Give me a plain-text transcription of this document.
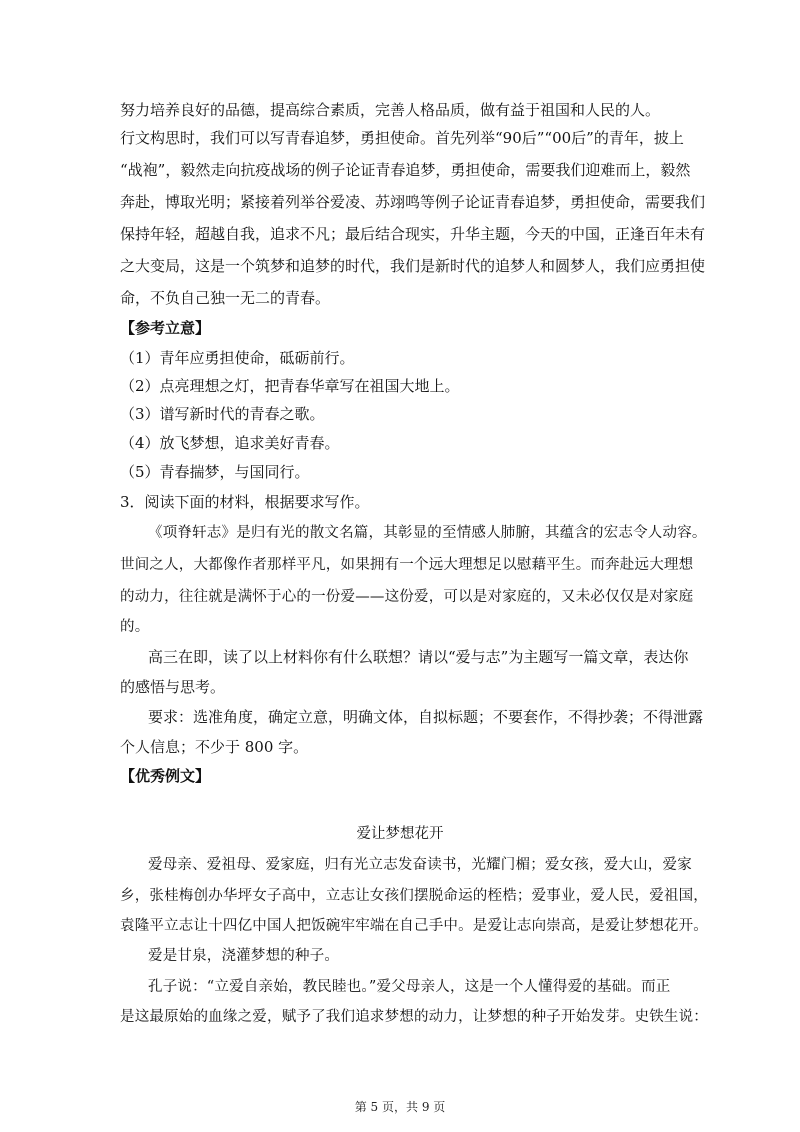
努力培养良好的品德，提高综合素质，完善人格品质，做有益于祖国和人民的人。
行文构思时，我们可以写青春追梦，勇担使命。首先列举“90后”“00后”的青年，披上
“战袍”，毅然走向抗疫战场的例子论证青春追梦，勇担使命，需要我们迎难而上，毅然
奔赴，博取光明；紧接着列举谷爱凌、苏翊鸣等例子论证青春追梦，勇担使命，需要我们
保持年轻，超越自我，追求不凡；最后结合现实，升华主题，今天的中国，正逢百年未有
之大变局，这是一个筑梦和追梦的时代，我们是新时代的追梦人和圆梦人，我们应勇担使
命，不负自己独一无二的青春。
【参考立意】
（1）青年应勇担使命，砥砺前行。
（2）点亮理想之灯，把青春华章写在祖国大地上。
（3）谱写新时代的青春之歌。
（4）放飞梦想，追求美好青春。
（5）青春揣梦，与国同行。
3．阅读下面的材料，根据要求写作。
《项脊轩志》是归有光的散文名篇，其彰显的至情感人肺腑，其蕴含的宏志令人动容。
世间之人，大都像作者那样平凡，如果拥有一个远大理想足以慰藉平生。而奔赴远大理想
的动力，往往就是满怀于心的一份爱——这份爱，可以是对家庭的，又未必仅仅是对家庭
的。
高三在即，读了以上材料你有什么联想？请以“爱与志”为主题写一篇文章，表达你
的感悟与思考。
要求：选准角度，确定立意，明确文体，自拟标题；不要套作，不得抄袭；不得泄露
个人信息；不少于 800 字。
【优秀例文】
爱让梦想花开
爱母亲、爱祖母、爱家庭，归有光立志发奋读书，光耀门楣；爱女孩，爱大山，爱家
乡，张桂梅创办华坪女子高中，立志让女孩们摆脱命运的桎梏；爱事业，爱人民，爱祖国，
袁隆平立志让十四亿中国人把饭碗牢牢端在自己手中。是爱让志向崇高，是爱让梦想花开。
爱是甘泉，浇灌梦想的种子。
孔子说：“立爱自亲始，教民睦也。”爱父母亲人，这是一个人懂得爱的基础。而正
是这最原始的血缘之爱，赋予了我们追求梦想的动力，让梦想的种子开始发芽。史铁生说：
第 5 页，共 9 页
